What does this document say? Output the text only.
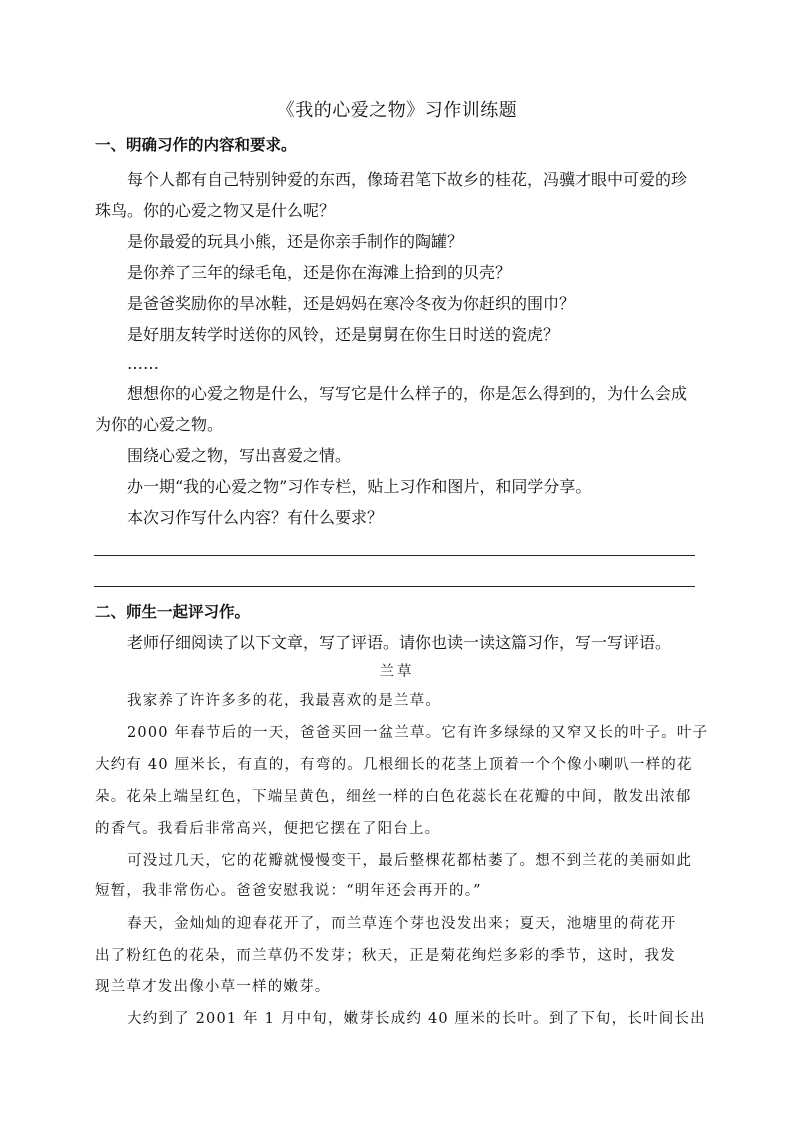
《我的心爱之物》习作训练题
一、明确习作的内容和要求。
每个人都有自己特别钟爱的东西，像琦君笔下故乡的桂花，冯骥才眼中可爱的珍
珠鸟。你的心爱之物又是什么呢？
是你最爱的玩具小熊，还是你亲手制作的陶罐？
是你养了三年的绿毛龟，还是你在海滩上拾到的贝壳？
是爸爸奖励你的旱冰鞋，还是妈妈在寒冷冬夜为你赶织的围巾？
是好朋友转学时送你的风铃，还是舅舅在你生日时送的瓷虎？
……
想想你的心爱之物是什么，写写它是什么样子的，你是怎么得到的，为什么会成
为你的心爱之物。
围绕心爱之物，写出喜爱之情。
办一期“我的心爱之物”习作专栏，贴上习作和图片，和同学分享。
本次习作写什么内容？有什么要求？
二、师生一起评习作。
老师仔细阅读了以下文章，写了评语。请你也读一读这篇习作，写一写评语。
兰草
我家养了许许多多的花，我最喜欢的是兰草。
2000 年春节后的一天，爸爸买回一盆兰草。它有许多绿绿的又窄又长的叶子。叶子
大约有 40 厘米长，有直的，有弯的。几根细长的花茎上顶着一个个像小喇叭一样的花
朵。花朵上端呈红色，下端呈黄色，细丝一样的白色花蕊长在花瓣的中间，散发出浓郁
的香气。我看后非常高兴，便把它摆在了阳台上。
可没过几天，它的花瓣就慢慢变干，最后整棵花都枯萎了。想不到兰花的美丽如此
短暂，我非常伤心。爸爸安慰我说：“明年还会再开的。”
春天，金灿灿的迎春花开了，而兰草连个芽也没发出来；夏天，池塘里的荷花开
出了粉红色的花朵，而兰草仍不发芽；秋天，正是菊花绚烂多彩的季节，这时，我发
现兰草才发出像小草一样的嫩芽。
大约到了 2001 年 1 月中旬，嫩芽长成约 40 厘米的长叶。到了下旬，长叶间长出
